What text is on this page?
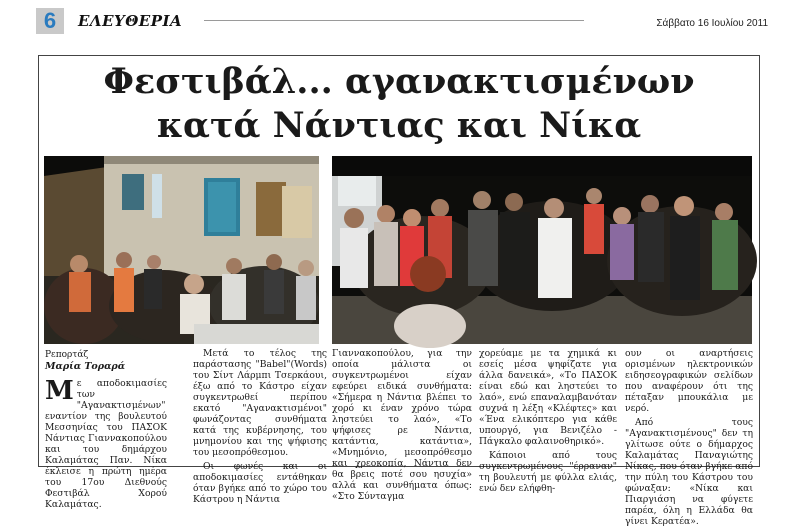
6	ΕΛΕΥΘΕΡΙΑ	Σάββατο 16 Ιουλίου 2011
Φεστιβάλ... αγανακτισμένων
κατά Νάντιας και Νίκα
Ρεπορτάζ
Μαρία Τοραρά
Μ ε αποδοκιμασίες των "Αγανακτισμένων" εναντίον της βουλευτού Μεσσηνίας του ΠΑΣΟΚ Νάντιας Γιαννακοπούλου και του δημάρχου Καλαμάτας Παν. Νίκα έκλεισε η πρώτη ημέρα του 17ου Διεθνούς Φεστιβάλ Χορού Καλαμάτας.

Μετά το τέλος της παράστασης "Babel"(Words) του Σίντ Λάρμπι Τσερκάουι, έξω από το Κάστρο είχαν συγκεντρωθεί περίπου εκατό "Αγανακτισμένοι" φωνάζοντας συνθήματα κατά της κυβέρνησης, του μνημονίου και της ψήφισης του μεσοπρόθεσμου.

Οι φωνές και οι αποδοκιμασίες εντάθηκαν όταν βγήκε από το χώρο του Κάστρου η Νάντια

Γιαννακοπούλου, για την οποία μάλιστα οι συγκεντρωμένοι είχαν εφεύρει ειδικά συνθήματα: «Σήμερα η Νάντια βλέπει το χορό κι έναν χρόνο τώρα ληστεύει το λαό», «Το ψήφισες ρε Νάντια, κατάντια, κατάντια», «Μνημόνιο, μεσοπρόθεσμο και χρεοκοπία, Νάντια δεν θα βρεις ποτέ σου ησυχία» αλλά και συνθήματα όπως: «Στο Σύνταγμα

χορεύαμε με τα χημικά κι εσείς μέσα ψηφίζατε για άλλα δανεικά», «Το ΠΑΣΟΚ είναι εδώ και ληστεύει το λαό», ενώ επαναλαμβανόταν συχνά η λέξη «Κλέφτες» και «Ένα ελικόπτερο για κάθε υπουργό, για Βενιζέλο - Πάγκαλο φαλαινοθηρικό».

Κάποιοι από τους συγκεντρωμένους "έρραναν" τη βουλευτή με φύλλα ελιάς, ενώ δεν ελήφθη-

ουν οι αναρτήσεις ορισμένων ηλεκτρονικών ειδησεογραφικών σελίδων που αναφέρουν ότι της πέταξαν μπουκάλια με νερό.

Από τους "Αγανακτισμένους" δεν τη γλίτωσε ούτε ο δήμαρχος Καλαμάτας Παναγιώτης Νίκας, που όταν βγήκε από την πύλη του Κάστρου του φώναξαν: «Νίκα και Πιαργιάση να φύγετε παρέα, όλη η Ελλάδα θα γίνει Κερατέα».
